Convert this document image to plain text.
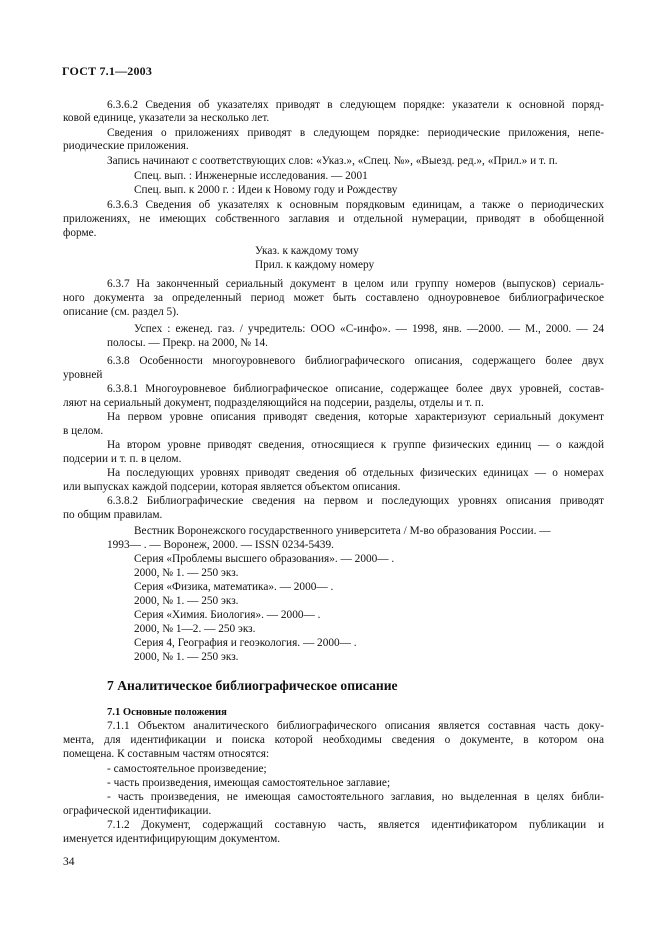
ГОСТ 7.1—2003
6.3.6.2 Сведения об указателях приводят в следующем порядке: указатели к основной поряд-
ковой единице, указатели за несколько лет.
Сведения о приложениях приводят в следующем порядке: периодические приложения, непе-
риодические приложения.
Запись начинают с соответствующих слов: «Указ.», «Спец. №», «Выезд. ред.», «Прил.» и т. п.
Спец. вып. : Инженерные исследования. — 2001
Спец. вып. к 2000 г. : Идеи к Новому году и Рождеству
6.3.6.3 Сведения об указателях к основным порядковым единицам, а также о периодических
приложениях, не имеющих собственного заглавия и отдельной нумерации, приводят в обобщенной
форме.
Указ. к каждому тому
Прил. к каждому номеру
6.3.7 На законченный сериальный документ в целом или группу номеров (выпусков) сериаль-
ного документа за определенный период может быть составлено одноуровневое библиографическое
описание (см. раздел 5).
Успех : еженед. газ. / учредитель: ООО «С-инфо». — 1998, янв. —2000. — М., 2000. — 24
полосы. — Прекр. на 2000, № 14.
6.3.8 Особенности многоуровневого библиографического описания, содержащего более двух
уровней
6.3.8.1 Многоуровневое библиографическое описание, содержащее более двух уровней, состав-
ляют на сериальный документ, подразделяющийся на подсерии, разделы, отделы и т. п.
На первом уровне описания приводят сведения, которые характеризуют сериальный документ
в целом.
На втором уровне приводят сведения, относящиеся к группе физических единиц — о каждой
подсерии и т. п. в целом.
На последующих уровнях приводят сведения об отдельных физических единицах — о номерах
или выпусках каждой подсерии, которая является объектом описания.
6.3.8.2 Библиографические сведения на первом и последующих уровнях описания приводят
по общим правилам.
Вестник Воронежского государственного университета / М-во образования России. —
1993— . — Воронеж, 2000. — ISSN 0234-5439.
Серия «Проблемы высшего образования». — 2000— .
2000, № 1. — 250 экз.
Серия «Физика, математика». — 2000— .
2000, № 1. — 250 экз.
Серия «Химия. Биология». — 2000— .
2000, № 1—2. — 250 экз.
Серия 4, География и геоэкология. — 2000— .
2000, № 1. — 250 экз.
7 Аналитическое библиографическое описание
7.1 Основные положения
7.1.1 Объектом аналитического библиографического описания является составная часть доку-
мента, для идентификации и поиска которой необходимы сведения о документе, в котором она
помещена. К составным частям относятся:
- самостоятельное произведение;
- часть произведения, имеющая самостоятельное заглавие;
- часть произведения, не имеющая самостоятельного заглавия, но выделенная в целях библи-
ографической идентификации.
7.1.2 Документ, содержащий составную часть, является идентификатором публикации и
именуется идентифицирующим документом.
34
